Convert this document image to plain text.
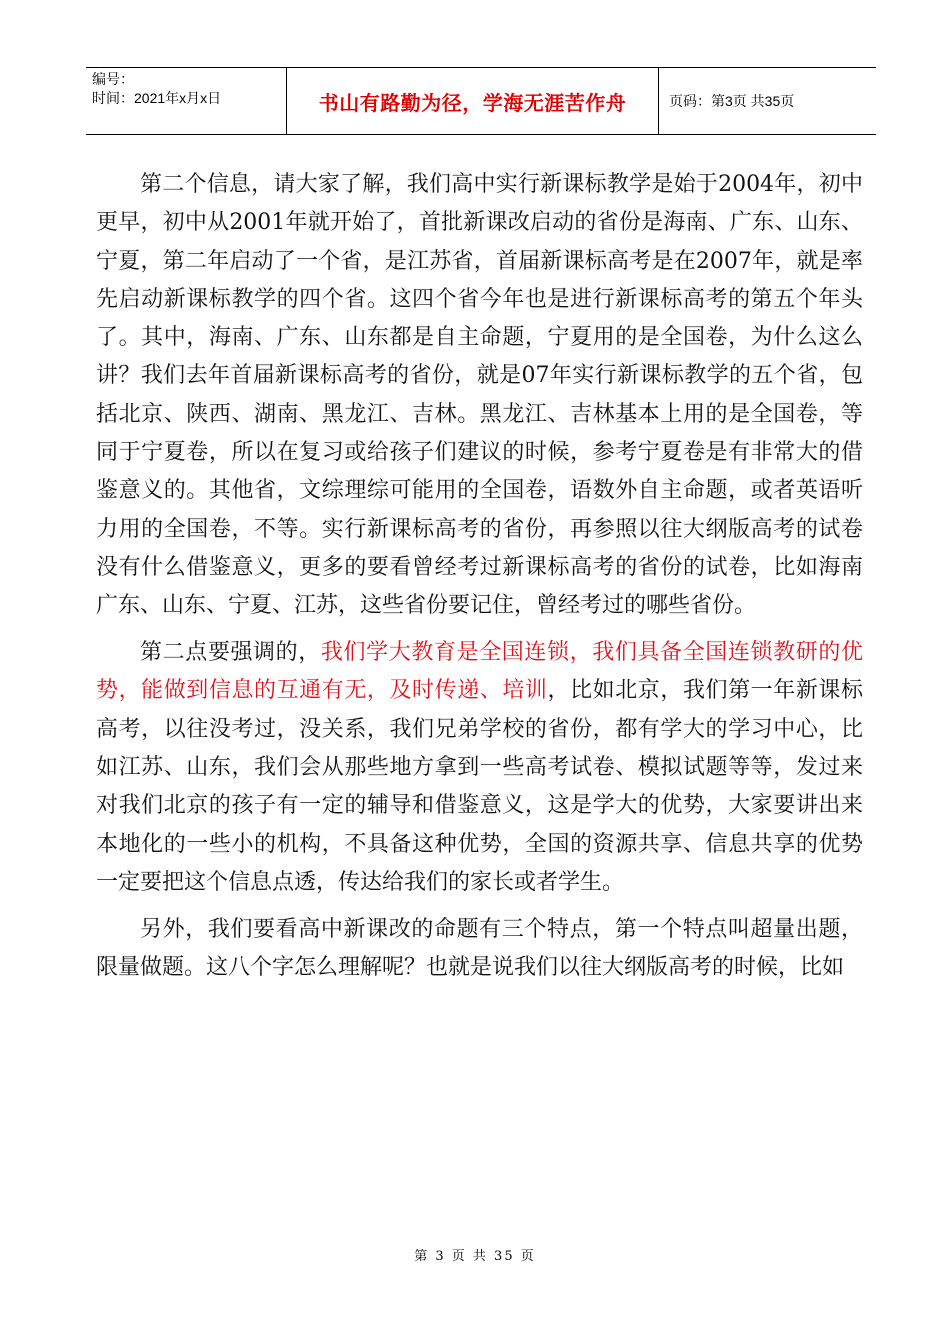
编号：
时间：2021年x月x日	书山有路勤为径，学海无涯苦作舟	页码：第3页 共35页

第二个信息，请大家了解，我们高中实行新课标教学是始于2004年，初中更早，初中从2001年就开始了，首批新课改启动的省份是海南、广东、山东、宁夏，第二年启动了一个省，是江苏省，首届新课标高考是在2007年，就是率先启动新课标教学的四个省。这四个省今年也是进行新课标高考的第五个年头了。其中，海南、广东、山东都是自主命题，宁夏用的是全国卷，为什么这么讲？我们去年首届新课标高考的省份，就是07年实行新课标教学的五个省，包括北京、陕西、湖南、黑龙江、吉林。黑龙江、吉林基本上用的是全国卷，等同于宁夏卷，所以在复习或给孩子们建议的时候，参考宁夏卷是有非常大的借鉴意义的。其他省，文综理综可能用的全国卷，语数外自主命题，或者英语听力用的全国卷，不等。实行新课标高考的省份，再参照以往大纲版高考的试卷没有什么借鉴意义，更多的要看曾经考过新课标高考的省份的试卷，比如海南广东、山东、宁夏、江苏，这些省份要记住，曾经考过的哪些省份。

第二点要强调的，我们学大教育是全国连锁，我们具备全国连锁教研的优势，能做到信息的互通有无，及时传递、培训，比如北京，我们第一年新课标高考，以往没考过，没关系，我们兄弟学校的省份，都有学大的学习中心，比如江苏、山东，我们会从那些地方拿到一些高考试卷、模拟试题等等，发过来对我们北京的孩子有一定的辅导和借鉴意义，这是学大的优势，大家要讲出来本地化的一些小的机构，不具备这种优势，全国的资源共享、信息共享的优势一定要把这个信息点透，传达给我们的家长或者学生。

另外，我们要看高中新课改的命题有三个特点，第一个特点叫超量出题，限量做题。这八个字怎么理解呢？也就是说我们以往大纲版高考的时候，比如

第 3 页 共 35 页
